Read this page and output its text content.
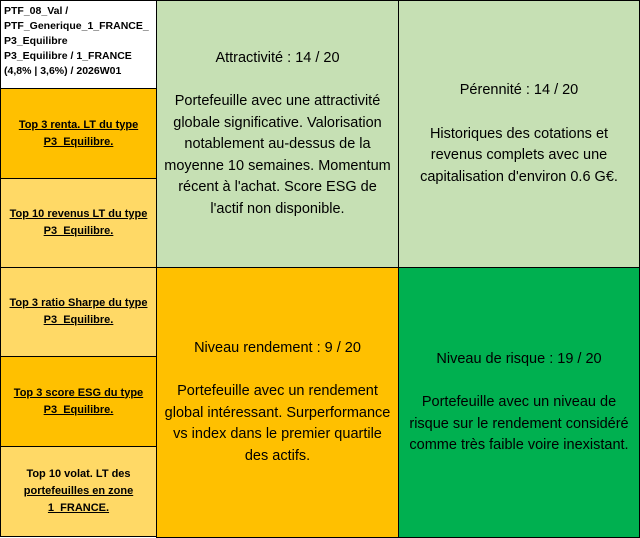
PTF_08_Val /
PTF_Generique_1_FRANCE_
P3_Equilibre
P3_Equilibre / 1_FRANCE
(4,8% | 3,6%) / 2026W01
Top 3 renta. LT du type P3_Equilibre.
Top 10 revenus LT du type P3_Equilibre.
Top 3 ratio Sharpe du type P3_Equilibre.
Top 3 score ESG du type P3_Equilibre.
Top 10 volat. LT des
portefeuilles en zone
1_FRANCE.
Attractivité : 14 / 20
Portefeuille avec une attractivité globale significative. Valorisation notablement au-dessus de la moyenne 10 semaines. Momentum récent à l'achat. Score ESG de l'actif non disponible.
Pérennité : 14 / 20
Historiques des cotations et revenus complets avec une capitalisation d'environ 0.6 G€.
Niveau rendement : 9 / 20
Portefeuille avec un rendement global intéressant. Surperformance vs index dans le premier quartile des actifs.
Niveau de risque : 19 / 20
Portefeuille avec un niveau de risque sur le rendement considéré comme très faible voire inexistant.
